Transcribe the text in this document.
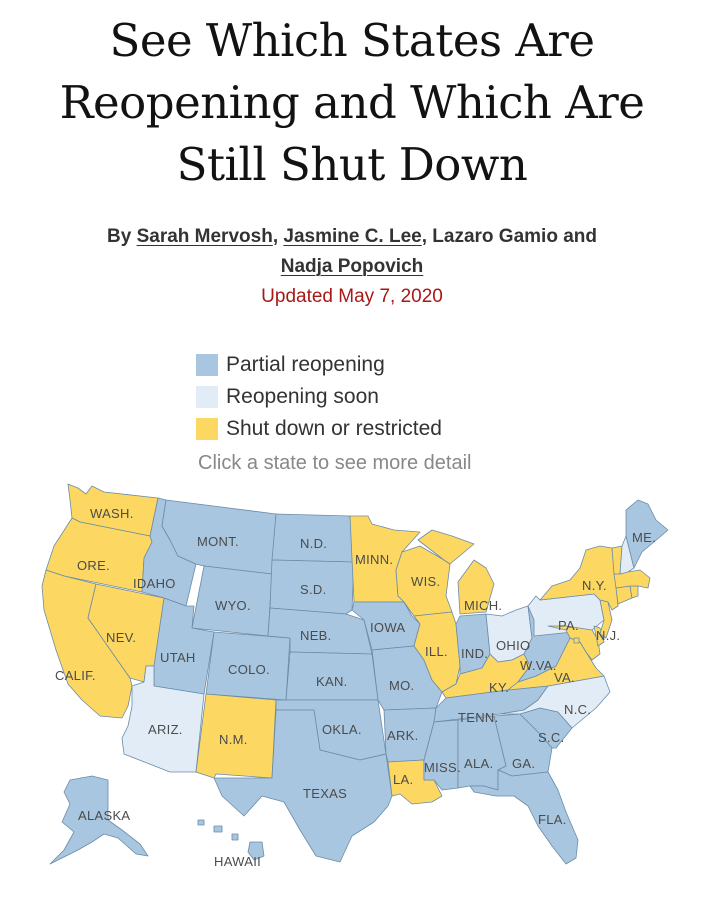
See Which States Are
Reopening and Which Are
Still Shut Down
By Sarah Mervosh, Jasmine C. Lee, Lazaro Gamio and
Nadja Popovich
Updated May 7, 2020
Partial reopening
Reopening soon
Shut down or restricted
Click a state to see more detail
WASH.
ORE.
CALIF.
NEV.
IDAHO
MONT.
WYO.
UTAH
ARIZ.
COLO.
N.M.
N.D.
S.D.
NEB.
KAN.
OKLA.
TEXAS
MINN.
IOWA
MO.
ARK.
LA.
WIS.
ILL.
MICH.
IND.
OHIO
KY.
TENN.
MISS. ALA. GA.
FLA.
S.C.
N.C.
VA.
W.VA.
PA.
N.Y.
N.J.
ME.
ALASKA
HAWAII
